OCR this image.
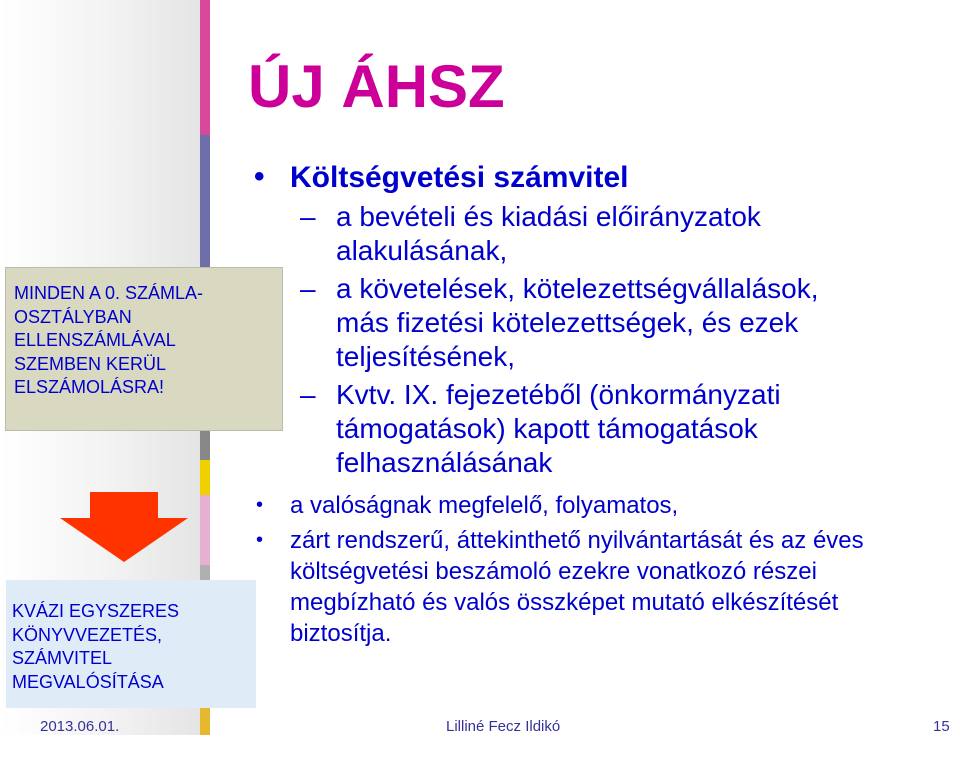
MINDEN A 0. SZÁMLA-
OSZTÁLYBAN
ELLENSZÁMLÁVAL
SZEMBEN KERÜL
ELSZÁMOLÁSRA!
KVÁZI EGYSZERES
KÖNYVVEZETÉS,
SZÁMVITEL
MEGVALÓSÍTÁSA
ÚJ ÁHSZ
• Költségvetési számvitel
– a bevételi és kiadási előirányzatok
alakulásának,
– a követelések, kötelezettségvállalások,
más fizetési kötelezettségek, és ezek
teljesítésének,
– Kvtv. IX. fejezetéből (önkormányzati
támogatások) kapott támogatások
felhasználásának
• a valóságnak megfelelő, folyamatos,
• zárt rendszerű, áttekinthető nyilvántartását és az éves
költségvetési beszámoló ezekre vonatkozó részei
megbízható és valós összképet mutató elkészítését
biztosítja.
2013.06.01.	Lilliné Fecz Ildikó	15
